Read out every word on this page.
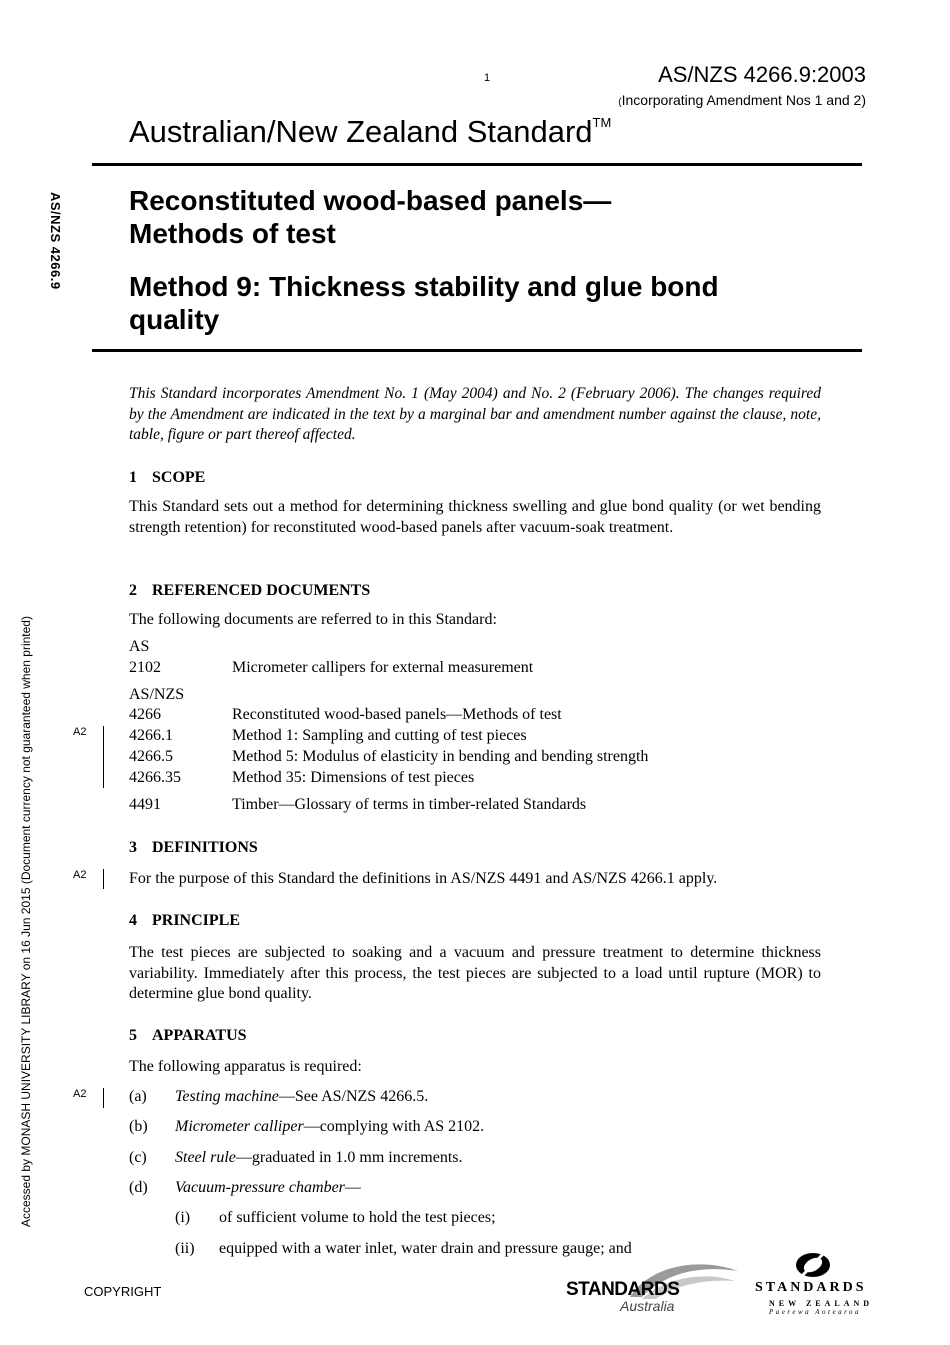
1	AS/NZS 4266.9:2003
(Incorporating Amendment Nos 1 and 2)
Australian/New Zealand Standard™
AS/NZS 4266.9
Accessed by MONASH UNIVERSITY LIBRARY on 16 Jun 2015 (Document currency not guaranteed when printed)
Reconstituted wood-based panels—
Methods of test
Method 9: Thickness stability and glue bond
quality
This Standard incorporates Amendment No. 1 (May 2004) and No. 2 (February 2006). The changes required by the Amendment are indicated in the text by a marginal bar and amendment number against the clause, note, table, figure or part thereof affected.
1 SCOPE
This Standard sets out a method for determining thickness swelling and glue bond quality (or wet bending strength retention) for reconstituted wood-based panels after vacuum-soak treatment.
2 REFERENCED DOCUMENTS
The following documents are referred to in this Standard:
AS
2102	Micrometer callipers for external measurement
AS/NZS
4266	Reconstituted wood-based panels—Methods of test
A2	4266.1	Method 1: Sampling and cutting of test pieces
4266.5	Method 5: Modulus of elasticity in bending and bending strength
4266.35	Method 35: Dimensions of test pieces
4491	Timber—Glossary of terms in timber-related Standards
3 DEFINITIONS
A2	For the purpose of this Standard the definitions in AS/NZS 4491 and AS/NZS 4266.1 apply.
4 PRINCIPLE
The test pieces are subjected to soaking and a vacuum and pressure treatment to determine thickness variability. Immediately after this process, the test pieces are subjected to a load until rupture (MOR) to determine glue bond quality.
5 APPARATUS
The following apparatus is required:
A2	(a) Testing machine—See AS/NZS 4266.5.
(b) Micrometer calliper—complying with AS 2102.
(c) Steel rule—graduated in 1.0 mm increments.
(d) Vacuum-pressure chamber—
(i) of sufficient volume to hold the test pieces;
(ii) equipped with a water inlet, water drain and pressure gauge; and
COPYRIGHT	STANDARDS
Australia
STANDARDS
NEW ZEALAND
Paerewa Aotearoa
